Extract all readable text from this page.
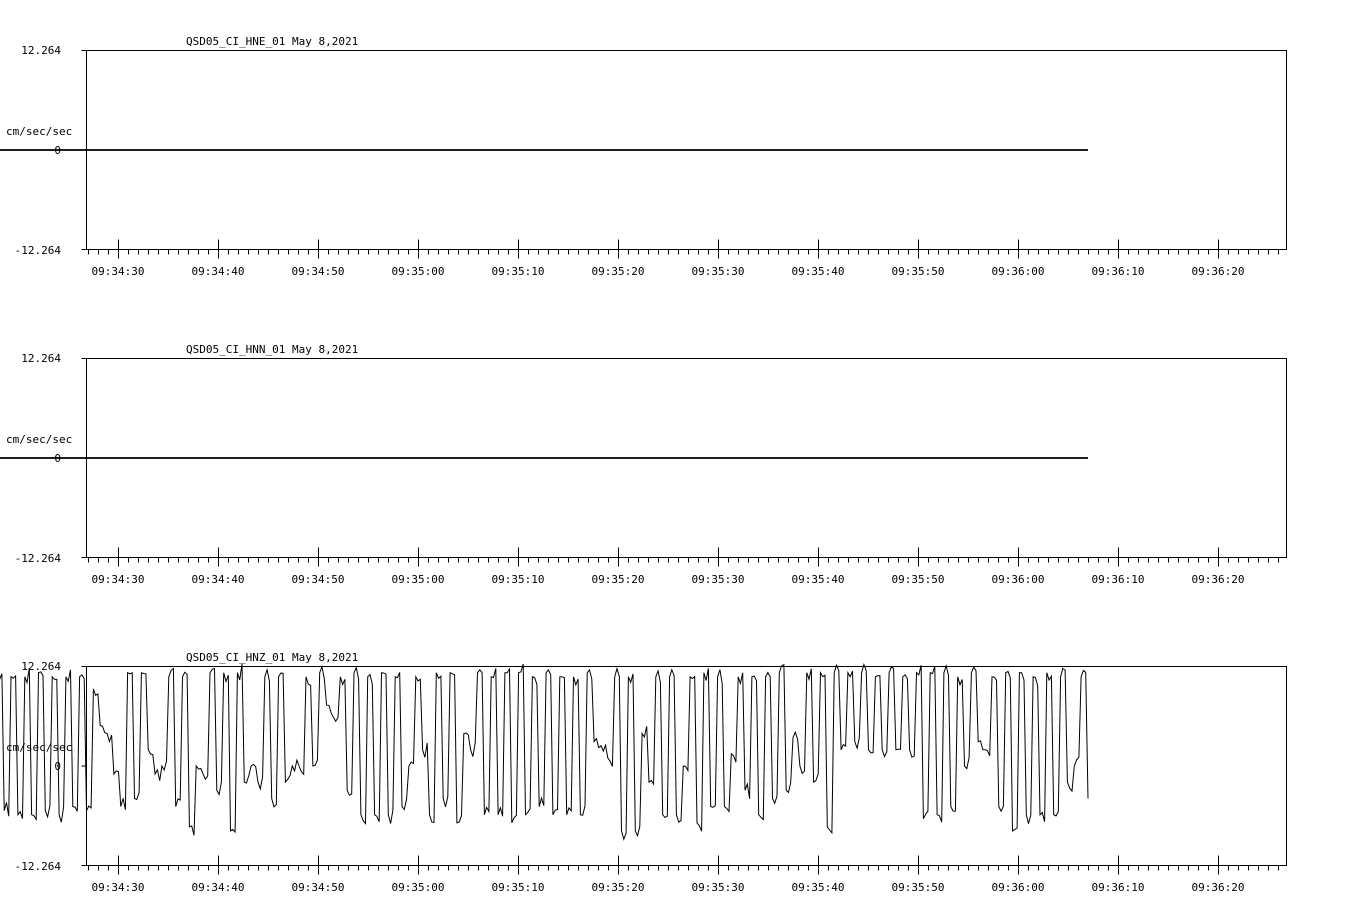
QSD05_CI_HNE_01 May 8,2021
12.264
cm/sec/sec
0
-12.264
09:34:30	09:34:40	09:34:50	09:35:00	09:35:10	09:35:20	09:35:30	09:35:40	09:35:50	09:36:00	09:36:10	09:36:20
QSD05_CI_HNN_01 May 8,2021
12.264
cm/sec/sec
0
-12.264
09:34:30	09:34:40	09:34:50	09:35:00	09:35:10	09:35:20	09:35:30	09:35:40	09:35:50	09:36:00	09:36:10	09:36:20
QSD05_CI_HNZ_01 May 8,2021
12.264
cm/sec/sec
0
-12.264
09:34:30	09:34:40	09:34:50	09:35:00	09:35:10	09:35:20	09:35:30	09:35:40	09:35:50	09:36:00	09:36:10	09:36:20
